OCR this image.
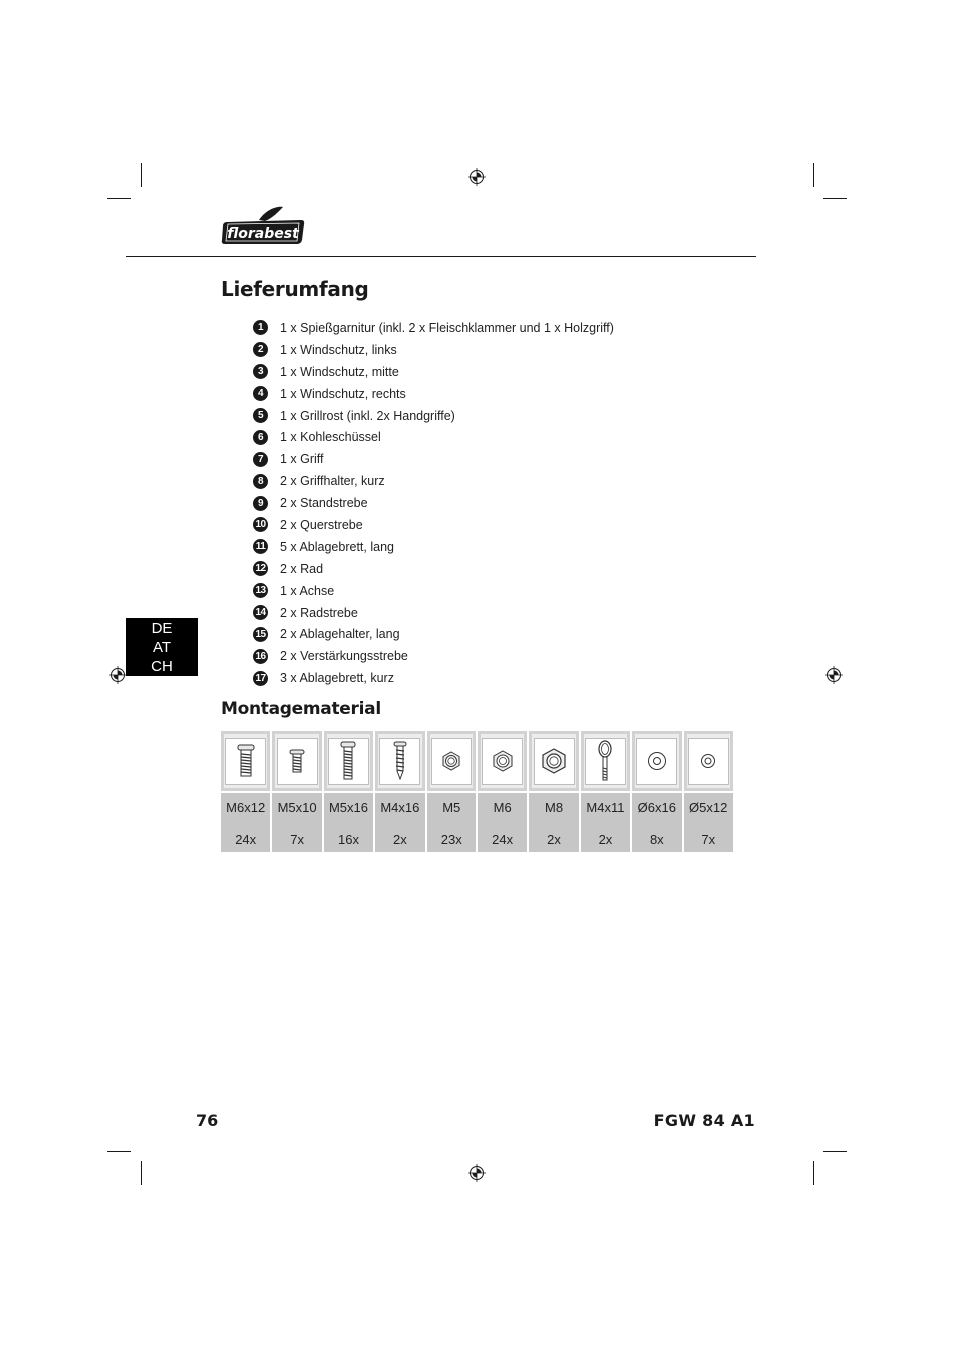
florabest
DE
AT
CH
Lieferumfang
1	1 x Spießgarnitur (inkl. 2 x Fleischklammer und 1 x Holzgriff)
2	1 x Windschutz, links
3	1 x Windschutz, mitte
4	1 x Windschutz, rechts
5	1 x Grillrost (inkl. 2x Handgriffe)
6	1 x Kohleschüssel
7	1 x Griff
8	2 x Griffhalter, kurz
9	2 x Standstrebe
10 2 x Querstrebe
11 5 x Ablagebrett, lang
12 2 x Rad
13 1 x Achse
14 2 x Radstrebe
15 2 x Ablagehalter, lang
16 2 x Verstärkungsstrebe
17 3 x Ablagebrett, kurz
Montagematerial
M6x12
24x
M5x10
7x
M5x16
16x
M4x16
2x
M5
23x
M6
24x
M8
2x
M4x11
2x
Ø6x16
8x
Ø5x12
7x
76	FGW 84 A1
